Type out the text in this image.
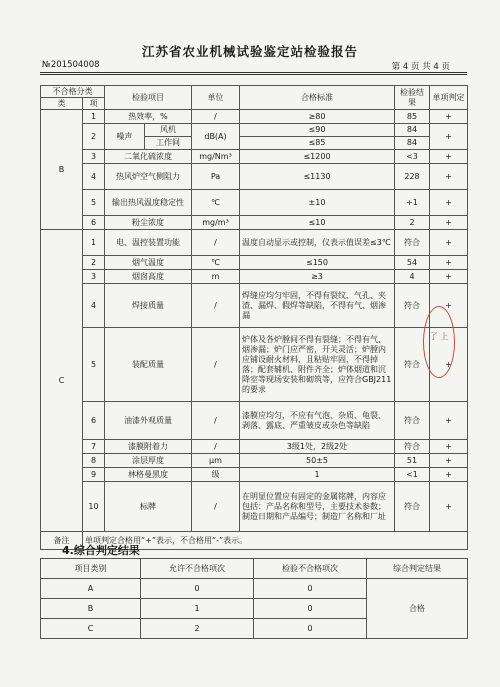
江苏省农业机械试验鉴定站检验报告
№201504008	第 4 页 共 4 页
不合格分类		检验项目		单位	合格标准	检验结果	单项判定
类	项						
B	1	热效率，%		/	≥80	85	+
	2	噪声	风机	dB(A)	≤90	84	+
			工作间		≤85	84	
	3	二氧化硫浓度		mg/Nm³	≤1200	<3	+
	4	热风炉空气侧阻力		Pa	≤1130	228	+
	5	输出热风温度稳定性		℃	±10	+1	+
	6	粉尘浓度		mg/m³	≤10	2	+
C	1	电、温控装置功能		/	温度自动显示或控制，仪表示值误差≤3℃	符合	+
	2	烟气温度		℃	≤150	54	+
	3	烟囱高度		m	≥3	4	+
	4	焊接质量		/	焊缝应均匀牢固，不得有裂纹、气孔、夹渣、漏焊、假焊等缺陷，不得有气、烟渗漏	符合	+
	5	装配质量		/	炉体及各炉膛间不得有裂缝；不得有气、烟渗漏；炉门应严密，开关灵活；炉膛内应铺设耐火材料，且粘贴牢固，不得掉落；配套辅机、附件齐全；炉体烟道和沉降室等现场安装和砌筑等，应符合GBJ211的要求	符合	+
	6	油漆外观质量		/	漆膜应均匀，不应有气泡、杂质、龟裂、剥落、露底、严重皱皮或杂色等缺陷	符合	+
	7	漆膜附着力		/	3级1处，2级2处	符合	+
	8	涂层厚度		μm	50±5	51	+
	9	林格曼黑度		级	1	<1	+
	10	标牌		/	在明显位置应有固定的金属铭牌，内容应包括：产品名称和型号，主要技术参数；制造日期和产品编号；制造厂名称和厂址	符合	+
备注	单项判定合格用“+”表示，不合格用“-”表示。						
了 上
4.综合判定结果
项目类别	允许不合格项次	检验不合格项次	综合判定结果
A	0	0	合格
B	1	0	
C	2	0	
